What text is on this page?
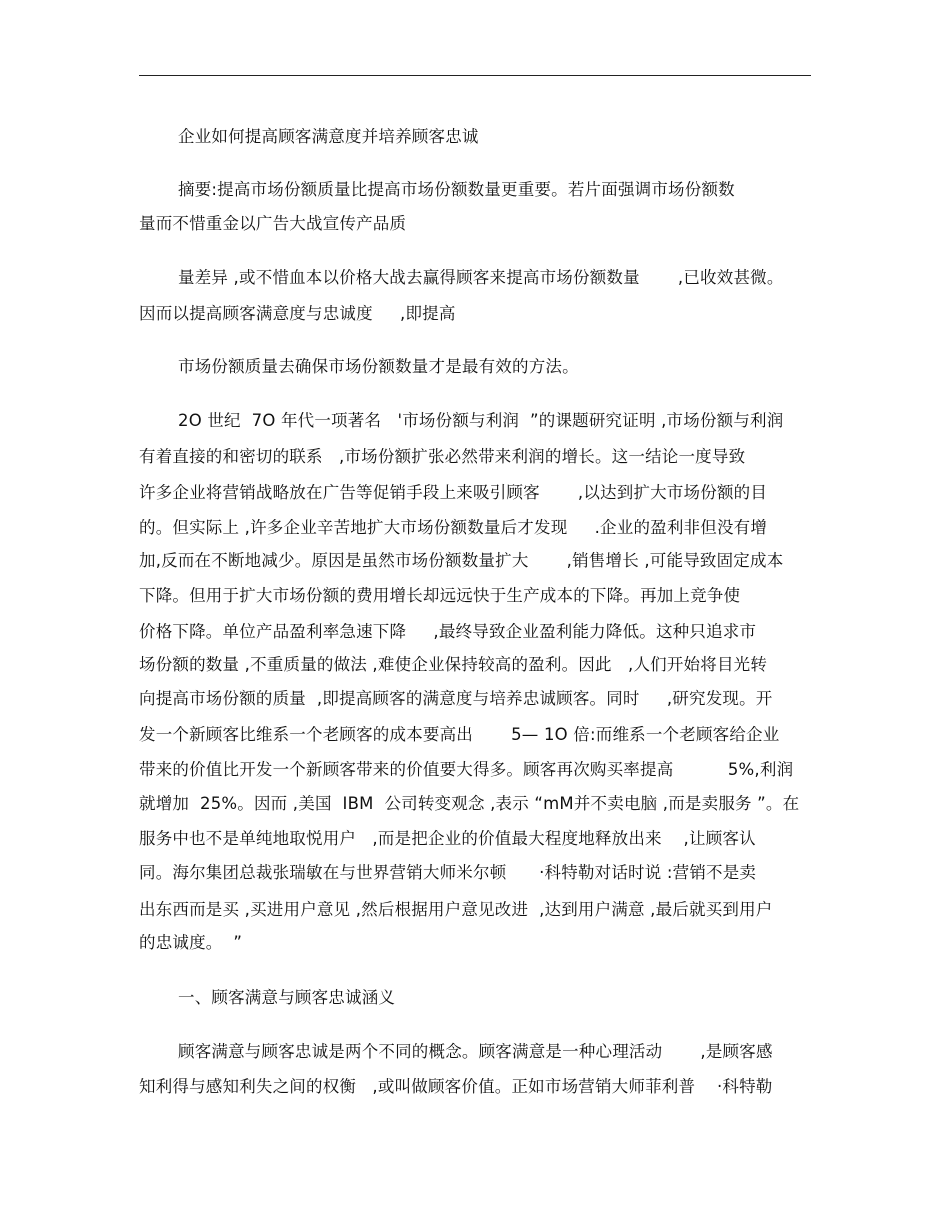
企业如何提高顾客满意度并培养顾客忠诚
摘要:提高市场份额质量比提高市场份额数量更重要。若片面强调市场份额数
量而不惜重金以广告大战宣传产品质
量差异 ,或不惜血本以价格大战去赢得顾客来提高市场份额数量       ,已收效甚微。
因而以提高顾客满意度与忠诚度     ,即提高
市场份额质量去确保市场份额数量才是最有效的方法。
2O 世纪  7O 年代一项著名   '市场份额与利润  ”的课题研究证明 ,市场份额与利润
有着直接的和密切的联系   ,市场份额扩张必然带来利润的增长。这一结论一度导致
许多企业将营销战略放在广告等促销手段上来吸引顾客       ,以达到扩大市场份额的目
的。但实际上 ,许多企业辛苦地扩大市场份额数量后才发现     .企业的盈利非但没有增
加,反而在不断地减少。原因是虽然市场份额数量扩大       ,销售增长 ,可能导致固定成本
下降。但用于扩大市场份额的费用增长却远远快于生产成本的下降。再加上竞争使
价格下降。单位产品盈利率急速下降     ,最终导致企业盈利能力降低。这种只追求市
场份额的数量 ,不重质量的做法 ,难使企业保持较高的盈利。因此   ,人们开始将目光转
向提高市场份额的质量  ,即提高顾客的满意度与培养忠诚顾客。同时     ,研究发现。开
发一个新顾客比维系一个老顾客的成本要高出       5— 1O 倍:而维系一个老顾客给企业
带来的价值比开发一个新顾客带来的价值要大得多。顾客再次购买率提高          5%,利润
就增加  25%。因而 ,美国  IBM  公司转变观念 ,表示 “mM并不卖电脑 ,而是卖服务 ”。在
服务中也不是单纯地取悦用户   ,而是把企业的价值最大程度地释放出来    ,让顾客认
同。海尔集团总裁张瑞敏在与世界营销大师米尔顿      ·科特勒对话时说 :营销不是卖
出东西而是买 ,买进用户意见 ,然后根据用户意见改进  ,达到用户满意 ,最后就买到用户
的忠诚度。  ”
一、顾客满意与顾客忠诚涵义
顾客满意与顾客忠诚是两个不同的概念。顾客满意是一种心理活动       ,是顾客感
知利得与感知利失之间的权衡   ,或叫做顾客价值。正如市场营销大师菲利普    ·科特勒
